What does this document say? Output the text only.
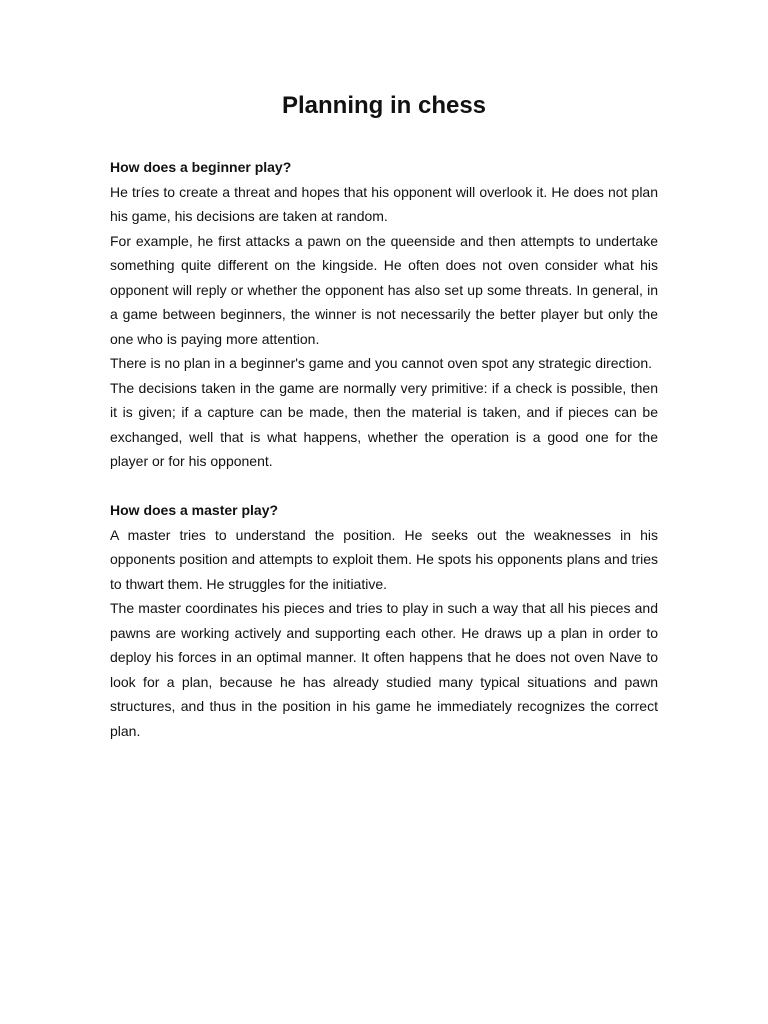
Planning in chess

How does a beginner play?

He tríes to create a threat and hopes that his opponent will overlook it. He does not plan his game, his decisions are taken at random.

For example, he first attacks a pawn on the queenside and then attempts to undertake something quite different on the kingside. He often does not oven consider what his opponent will reply or whether the opponent has also set up some threats. In general, in a game between beginners, the winner is not necessarily the better player but only the one who is paying more attention.

There is no plan in a beginner's game and you cannot oven spot any strategic direction.

The decisions taken in the game are normally very primitive: if a check is possible, then it is given; if a capture can be made, then the material is taken, and if pieces can be exchanged, well that is what happens, whether the operation is a good one for the player or for his opponent.

How does a master play?

A master tries to understand the position. He seeks out the weaknesses in his opponents position and attempts to exploit them. He spots his opponents plans and tries to thwart them. He struggles for the initiative.

The master coordinates his pieces and tries to play in such a way that all his pieces and pawns are working actively and supporting each other. He draws up a plan in order to deploy his forces in an optimal manner. It often happens that he does not oven Nave to look for a plan, because he has already studied many typical situations and pawn structures, and thus in the position in his game he immediately recognizes the correct plan.
